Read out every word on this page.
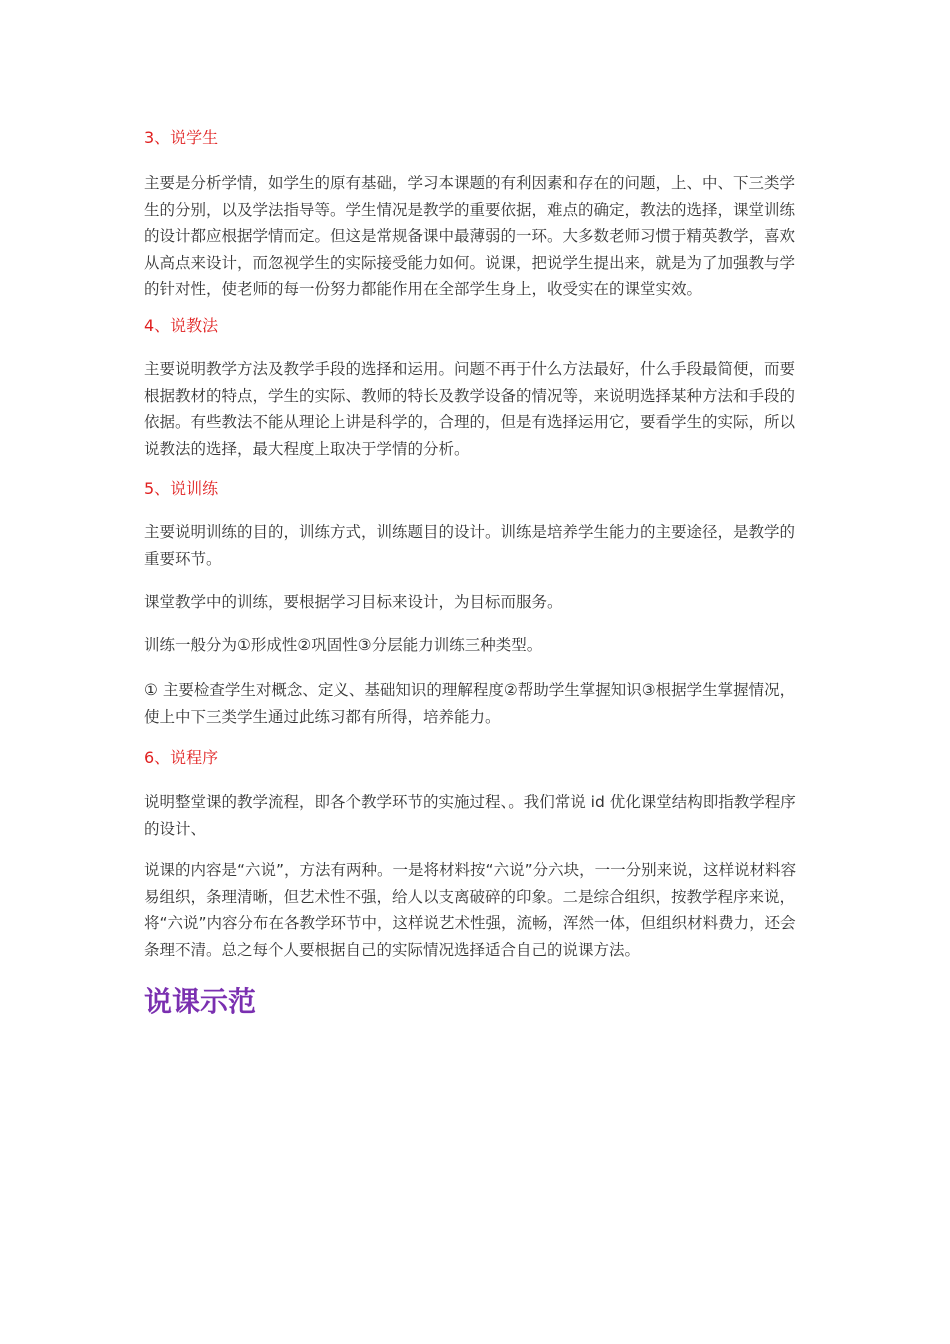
3、说学生

主要是分析学情，如学生的原有基础，学习本课题的有利因素和存在的问题，上、中、下三类学生的分别，以及学法指导等。学生情况是教学的重要依据，难点的确定，教法的选择，课堂训练的设计都应根据学情而定。但这是常规备课中最薄弱的一环。大多数老师习惯于精英教学，喜欢从高点来设计，而忽视学生的实际接受能力如何。说课，把说学生提出来，就是为了加强教与学的针对性，使老师的每一份努力都能作用在全部学生身上，收受实在的课堂实效。

4、说教法

主要说明教学方法及教学手段的选择和运用。问题不再于什么方法最好，什么手段最简便，而要根据教材的特点，学生的实际、教师的特长及教学设备的情况等，来说明选择某种方法和手段的依据。有些教法不能从理论上讲是科学的，合理的，但是有选择运用它，要看学生的实际，所以说教法的选择，最大程度上取决于学情的分析。

5、说训练

主要说明训练的目的，训练方式，训练题目的设计。训练是培养学生能力的主要途径，是教学的重要环节。

课堂教学中的训练，要根据学习目标来设计，为目标而服务。

训练一般分为①形成性②巩固性③分层能力训练三种类型。

① 主要检查学生对概念、定义、基础知识的理解程度②帮助学生掌握知识③根据学生掌握情况，使上中下三类学生通过此练习都有所得，培养能力。

6、说程序

说明整堂课的教学流程，即各个教学环节的实施过程、。我们常说 id 优化课堂结构即指教学程序的设计、

说课的内容是“六说”，方法有两种。一是将材料按“六说”分六块，一一分别来说，这样说材料容易组织，条理清晰，但艺术性不强，给人以支离破碎的印象。二是综合组织，按教学程序来说，将“六说”内容分布在各教学环节中，这样说艺术性强，流畅，浑然一体，但组织材料费力，还会条理不清。总之每个人要根据自己的实际情况选择适合自己的说课方法。

说课示范
